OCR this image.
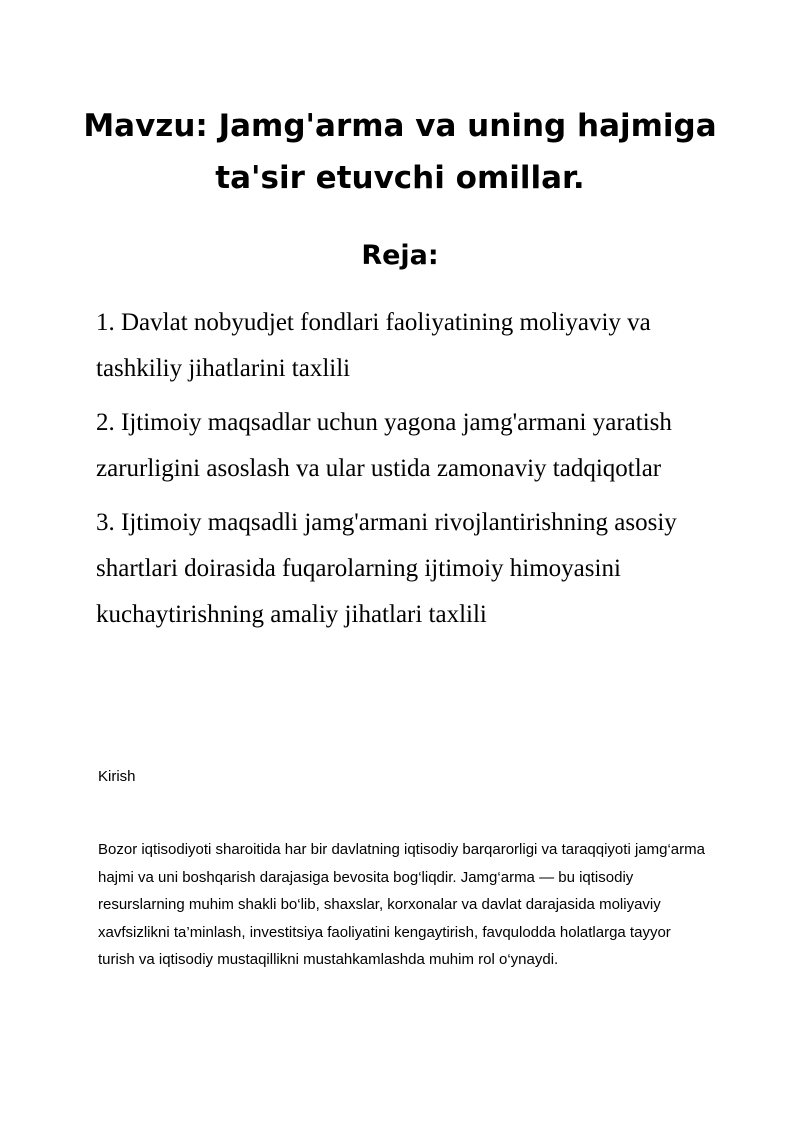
Mavzu: Jamg'arma va uning hajmiga ta'sir etuvchi omillar.
Reja:
1. Davlat nobyudjet fondlari faoliyatining moliyaviy va tashkiliy jihatlarini taxlili
2. Ijtimoiy maqsadlar uchun yagona jamg'armani yaratish zarurligini asoslash va ular ustida zamonaviy tadqiqotlar
3. Ijtimoiy maqsadli jamg'armani rivojlantirishning asosiy shartlari doirasida fuqarolarning ijtimoiy himoyasini kuchaytirishning amaliy jihatlari taxlili
Kirish

Bozor iqtisodiyoti sharoitida har bir davlatning iqtisodiy barqarorligi va taraqqiyoti jamg‘arma hajmi va uni boshqarish darajasiga bevosita bog‘liqdir. Jamg‘arma — bu iqtisodiy resurslarning muhim shakli bo‘lib, shaxslar, korxonalar va davlat darajasida moliyaviy xavfsizlikni ta’minlash, investitsiya faoliyatini kengaytirish, favqulodda holatlarga tayyor turish va iqtisodiy mustaqillikni mustahkamlashda muhim rol o‘ynaydi.
